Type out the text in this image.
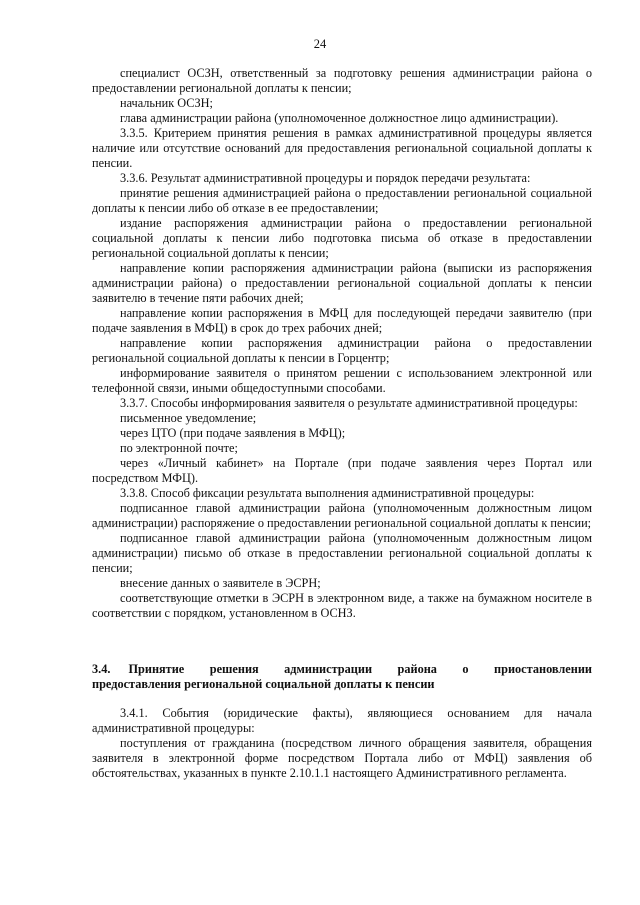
24

специалист ОСЗН, ответственный за подготовку решения администрации района о предоставлении региональной доплаты к пенсии;

начальник ОСЗН;

глава администрации района (уполномоченное должностное лицо администрации).

3.3.5. Критерием принятия решения в рамках административной процедуры является наличие или отсутствие оснований для предоставления региональной социальной доплаты к пенсии.

3.3.6. Результат административной процедуры и порядок передачи результата:

принятие решения администрацией района о предоставлении региональной социальной доплаты к пенсии либо об отказе в ее предоставлении;

издание распоряжения администрации района о предоставлении региональной социальной доплаты к пенсии либо подготовка письма об отказе в предоставлении региональной социальной доплаты к пенсии;

направление копии распоряжения администрации района (выписки из распоряжения администрации района) о предоставлении региональной социальной доплаты к пенсии заявителю в течение пяти рабочих дней;

направление копии распоряжения в МФЦ для последующей передачи заявителю (при подаче заявления в МФЦ) в срок до трех рабочих дней;

направление копии распоряжения администрации района о предоставлении региональной социальной доплаты к пенсии в Горцентр;

информирование заявителя о принятом решении с использованием электронной или телефонной связи, иными общедоступными способами.

3.3.7. Способы информирования заявителя о результате административной процедуры:

письменное уведомление;

через ЦТО (при подаче заявления в МФЦ);

по электронной почте;

через «Личный кабинет» на Портале (при подаче заявления через Портал или посредством МФЦ).

3.3.8. Способ фиксации результата выполнения административной процедуры:

подписанное главой администрации района (уполномоченным должностным лицом администрации) распоряжение о предоставлении региональной социальной доплаты к пенсии;

подписанное главой администрации района (уполномоченным должностным лицом администрации) письмо об отказе в предоставлении региональной социальной доплаты к пенсии;

внесение данных о заявителе в ЭСРН;

соответствующие отметки в ЭСРН в электронном виде, а также на бумажном носителе в соответствии с порядком, установленном в ОСНЗ.

3.4. Принятие решения администрации района о приостановлении

предоставления региональной социальной доплаты к пенсии

3.4.1. События (юридические факты), являющиеся основанием для начала административной процедуры:

поступления от гражданина (посредством личного обращения заявителя, обращения заявителя в электронной форме посредством Портала либо от МФЦ) заявления об обстоятельствах, указанных в пункте 2.10.1.1 настоящего Административного регламента.
